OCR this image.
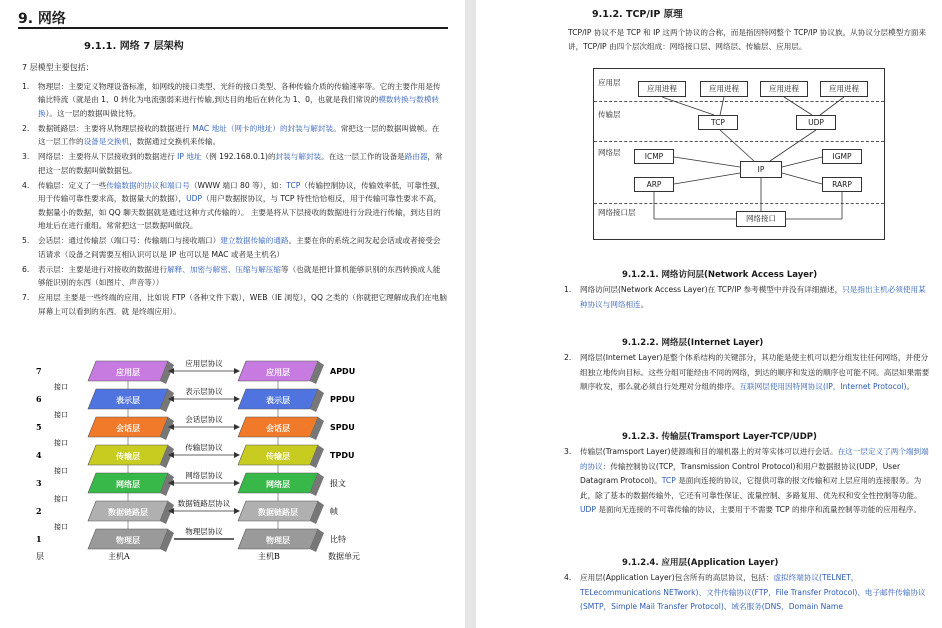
9. 网络
9.1.1. 网络 7 层架构
7 层模型主要包括：
1.	物理层：主要定义物理设备标准，如网线的接口类型、光纤的接口类型、各种传输介质的传输速率等。它的主要作用是传输比特流（就是由 1、0 转化为电流强弱来进行传输,到达目的地后在转化为 1、0，也就是我们常说的模数转换与数模转换）。这一层的数据叫做比特。
2.	数据链路层：主要将从物理层接收的数据进行 MAC 地址（网卡的地址）的封装与解封装。常把这一层的数据叫做帧。在这一层工作的设备是交换机，数据通过交换机来传输。
3.	网络层：主要将从下层接收到的数据进行 IP 地址（例 192.168.0.1)的封装与解封装。在这一层工作的设备是路由器，常把这一层的数据叫做数据包。
4.	传输层：定义了一些传输数据的协议和端口号（WWW 端口 80 等），如：TCP（传输控制协议，传输效率低，可靠性强，用于传输可靠性要求高，数据量大的数据），UDP（用户数据报协议，与 TCP 特性恰恰相反，用于传输可靠性要求不高，数据量小的数据，如 QQ 聊天数据就是通过这种方式传输的）。 主要是将从下层接收的数据进行分段进行传输，到达目的地址后在进行重组。常常把这一层数据叫做段。
5.	会话层：通过传输层（端口号：传输端口与接收端口）建立数据传输的通路。主要在你的系统之间发起会话或或者接受会话请求（设备之间需要互相认识可以是 IP 也可以是 MAC 或者是主机名）
6.	表示层：主要是进行对接收的数据进行解释、加密与解密、压缩与解压缩等（也就是把计算机能够识别的东西转换成人能够能识别的东西（如图片、声音等））
7.	应用层 主要是一些终端的应用，比如说 FTP（各种文件下载），WEB（IE 浏览），QQ 之类的（你就把它理解成我们在电脑屏幕上可以看到的东西．就 是终端应用）。
应用层	应用层
应用层协议
APDU
7
接口
表示层	表示层
表示层协议
PPDU
6
接口
会话层	会话层
会话层协议
SPDU
5
接口
传输层	传输层
传输层协议
TPDU
4
接口
网络层	网络层
网络层协议
报文
3
接口
数据链路层	数据链路层
数据链路层协议
帧
2
接口
物理层	物理层
物理层协议
比特
1
层	主机A	主机B	数据单元
9.1.2. TCP/IP 原理
TCP/IP 协议不是 TCP 和 IP 这两个协议的合称，而是指因特网整个 TCP/IP 协议族。从协议分层模型方面来讲，TCP/IP 由四个层次组成：网络接口层、网络层、传输层、应用层。
应用层
传输层
网络层
网络接口层
应用进程	应用进程	应用进程	应用进程
TCP	UDP
ICMP	IGMP
IP
ARP	RARP
网络接口
9.1.2.1. 网络访问层(Network Access Layer)
1.	网络访问层(Network Access Layer)在 TCP/IP 参考模型中并没有详细描述，只是指出主机必须使用某种协议与网络相连。
9.1.2.2. 网络层(Internet Layer)
2.	网络层(Internet Layer)是整个体系结构的关键部分，其功能是使主机可以把分组发往任何网络，并使分组独立地传向目标。这些分组可能经由不同的网络，到达的顺序和发送的顺序也可能不同。高层如果需要顺序收发，那么就必须自行处理对分组的排序。互联网层使用因特网协议(IP，Internet Protocol)。
9.1.2.3. 传输层(Tramsport Layer-TCP/UDP)
3.	传输层(Tramsport Layer)使源端和目的端机器上的对等实体可以进行会话。在这一层定义了两个端到端的协议：传输控制协议(TCP，Transmission Control Protocol)和用户数据报协议(UDP，User Datagram Protocol)。TCP 是面向连接的协议，它提供可靠的报文传输和对上层应用的连接服务。为此，除了基本的数据传输外，它还有可靠性保证、流量控制、多路复用、优先权和安全性控制等功能。UDP 是面向无连接的不可靠传输的协议，主要用于不需要 TCP 的排序和流量控制等功能的应用程序。
9.1.2.4. 应用层(Application Layer)
4.	应用层(Application Layer)包含所有的高层协议，包括：虚拟终端协议(TELNET，TELecommunications NETwork)、文件传输协议(FTP，File Transfer Protocol)、电子邮件传输协议(SMTP，Simple Mail Transfer Protocol)、域名服务(DNS，Domain Name
